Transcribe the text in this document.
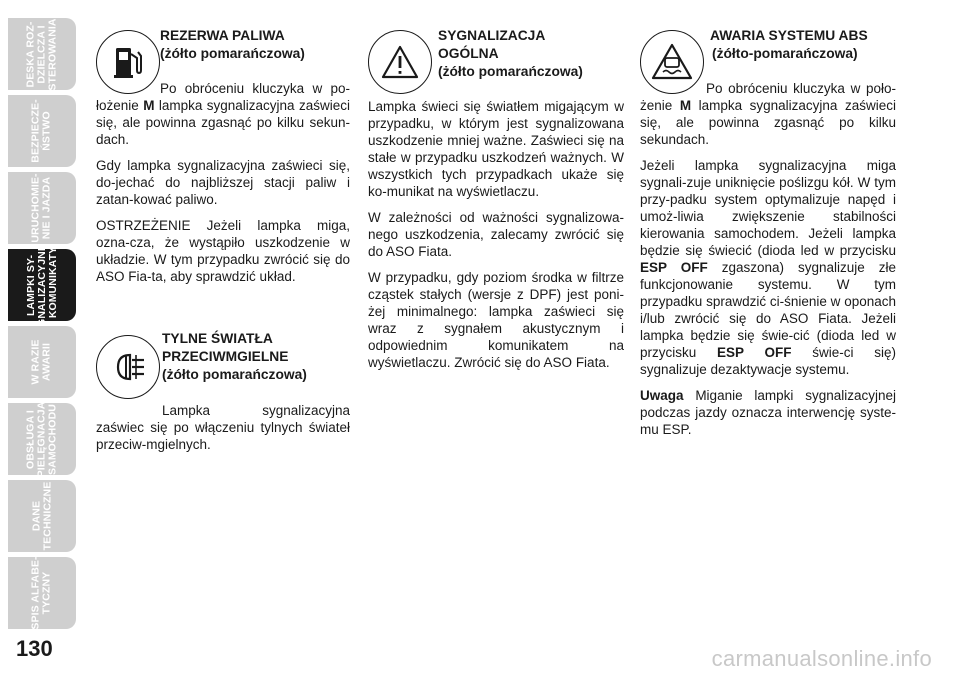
DESKA ROZ-
DZIELCZA I
STEROWANIA
BEZPIECZE-
ŃSTWO
URUCHOMIE-
NIE I JAZDA
LAMPKI SY-
GNALIZACYJNE
I KOMUNIKATY
W RAZIE
AWARII
OBSŁUGA I
PIELĘGNACJA
SAMOCHODU
DANE
TECHNICZNE
SPIS ALFABE-
TYCZNY
130
REZERWA PALIWA
(żółto pomarańczowa)

Po obróceniu kluczyka w po-łożenie M lampka sygnalizacyjna zaświeci się, ale powinna zgasnąć po kilku sekun-dach.

Gdy lampka sygnalizacyjna zaświeci się, do-jechać do najbliższej stacji paliw i zatan-kować paliwo.

OSTRZEŻENIE Jeżeli lampka miga, ozna-cza, że wystąpiło uszkodzenie w układzie. W tym przypadku zwrócić się do ASO Fia-ta, aby sprawdzić układ.

TYLNE ŚWIATŁA
PRZECIWMGIELNE
(żółto pomarańczowa)

Lampka sygnalizacyjna zaświec się po włączeniu tylnych świateł przeciw-mgielnych.

SYGNALIZACJA
OGÓLNA
(żółto pomarańczowa)

Lampka świeci się światłem migającym w przypadku, w którym jest sygnalizowana uszkodzenie mniej ważne. Zaświeci się na stałe w przypadku uszkodzeń ważnych. W wszystkich tych przypadkach ukaże się ko-munikat na wyświetlaczu.

W zależności od ważności sygnalizowa-nego uszkodzenia, zalecamy zwrócić się do ASO Fiata.

W przypadku, gdy poziom środka w filtrze cząstek stałych (wersje z DPF) jest poni-żej minimalnego: lampka zaświeci się wraz z sygnałem akustycznym i odpowiednim komunikatem na wyświetlaczu. Zwrócić się do ASO Fiata.

AWARIA SYSTEMU ABS
(żółto-pomarańczowa)

Po obróceniu kluczyka w poło-żenie M lampka sygnalizacyjna zaświeci się, ale powinna zgasnąć po kilku sekundach.

Jeżeli lampka sygnalizacyjna miga sygnali-zuje uniknięcie poślizgu kół. W tym przy-padku system optymalizuje napęd i umoż-liwia zwiększenie stabilności kierowania samochodem. Jeżeli lampka będzie się świecić (dioda led w przycisku ESP OFF zgaszona) sygnalizuje złe funkcjonowanie systemu. W tym przypadku sprawdzić ci-śnienie w oponach i/lub zwrócić się do ASO Fiata. Jeżeli lampka będzie się świe-cić (dioda led w przycisku ESP OFF świe-ci się) sygnalizuje dezaktywacje systemu.

Uwaga Miganie lampki sygnalizacyjnej podczas jazdy oznacza interwencję syste-mu ESP.

carmanualsonline.info
